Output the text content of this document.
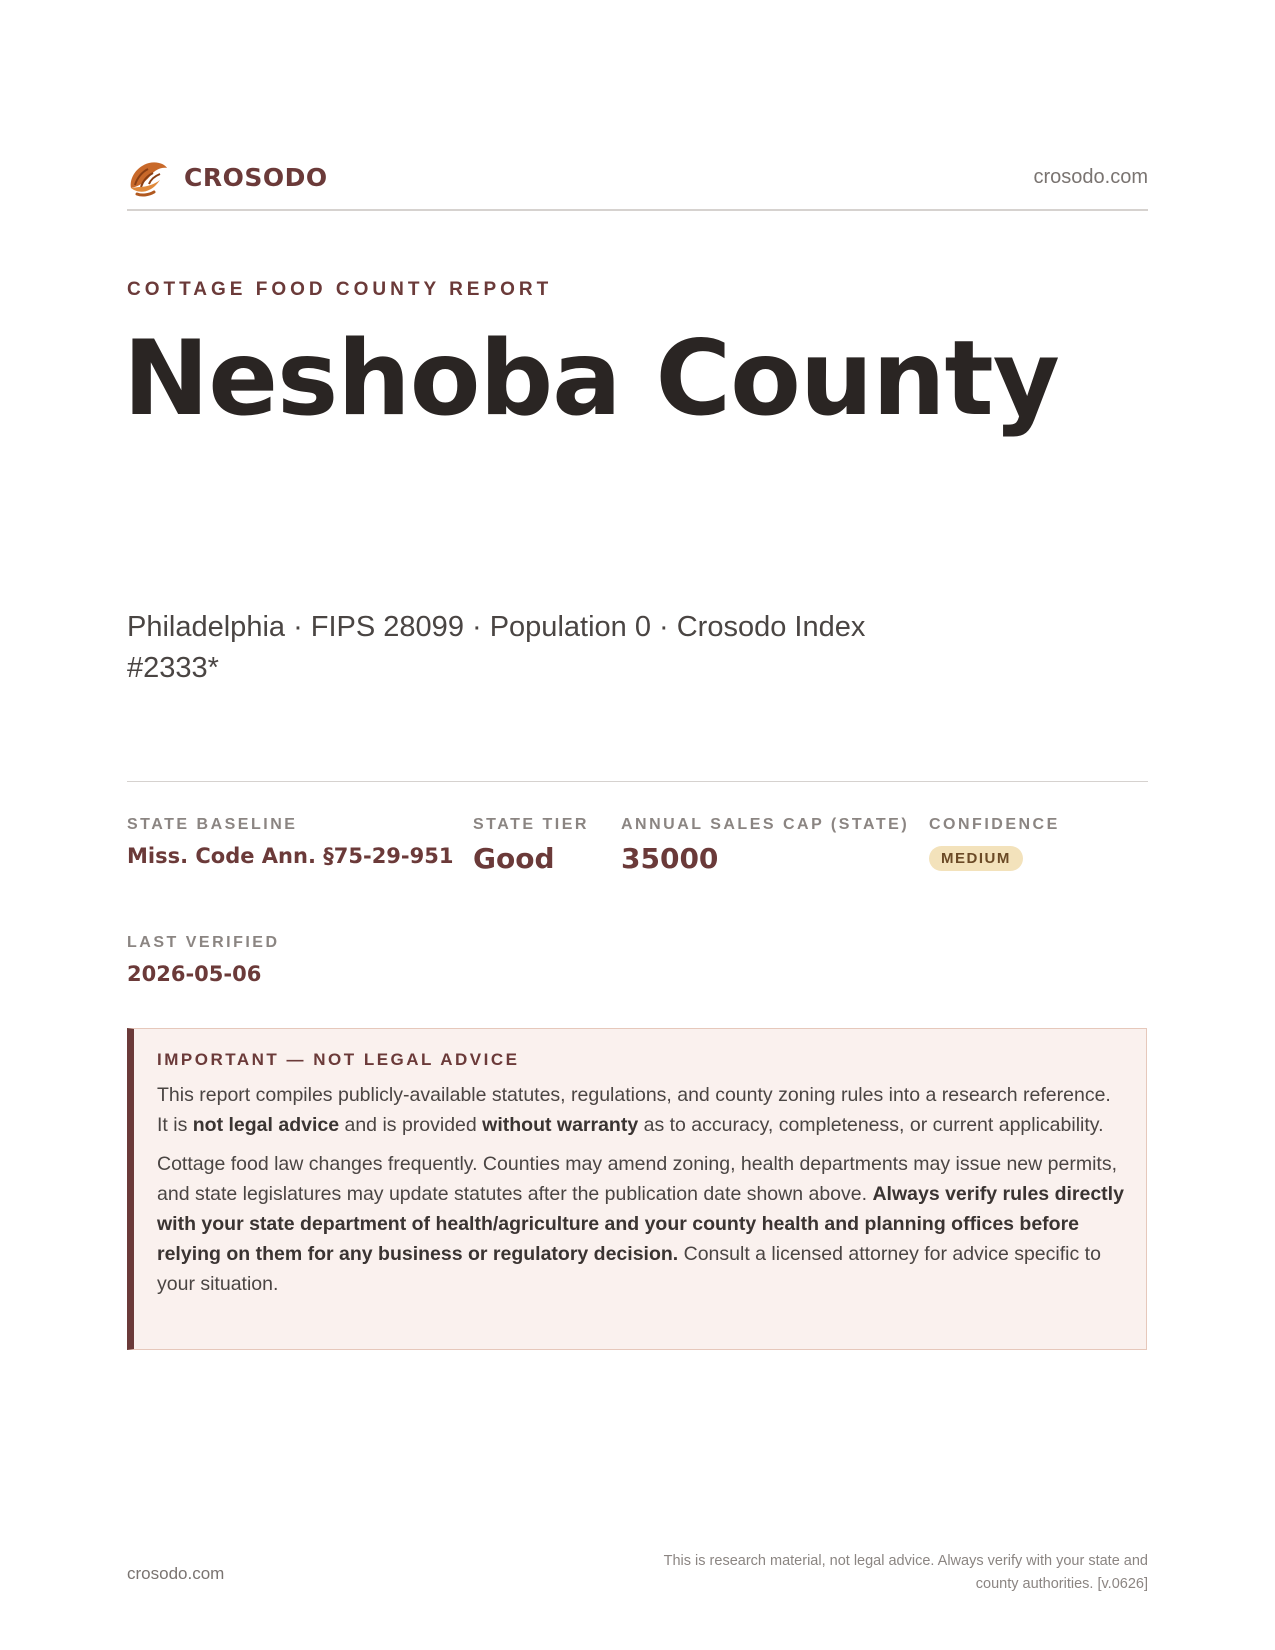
CROSODO	crosodo.com
COTTAGE FOOD COUNTY REPORT
Neshoba County
Philadelphia · FIPS 28099 · Population 0 · Crosodo Index #2333*
STATE BASELINE
Miss. Code Ann. §75-29-951
STATE TIER
Good
ANNUAL SALES CAP (STATE)
35000
CONFIDENCE
MEDIUM
LAST VERIFIED
2026-05-06
IMPORTANT — NOT LEGAL ADVICE

This report compiles publicly-available statutes, regulations, and county zoning rules into a research reference. It is not legal advice and is provided without warranty as to accuracy, completeness, or current applicability.

Cottage food law changes frequently. Counties may amend zoning, health departments may issue new permits, and state legislatures may update statutes after the publication date shown above. Always verify rules directly with your state department of health/agriculture and your county health and planning offices before relying on them for any business or regulatory decision. Consult a licensed attorney for advice specific to your situation.

crosodo.com
This is research material, not legal advice. Always verify with your state and county authorities. [v.0626]
